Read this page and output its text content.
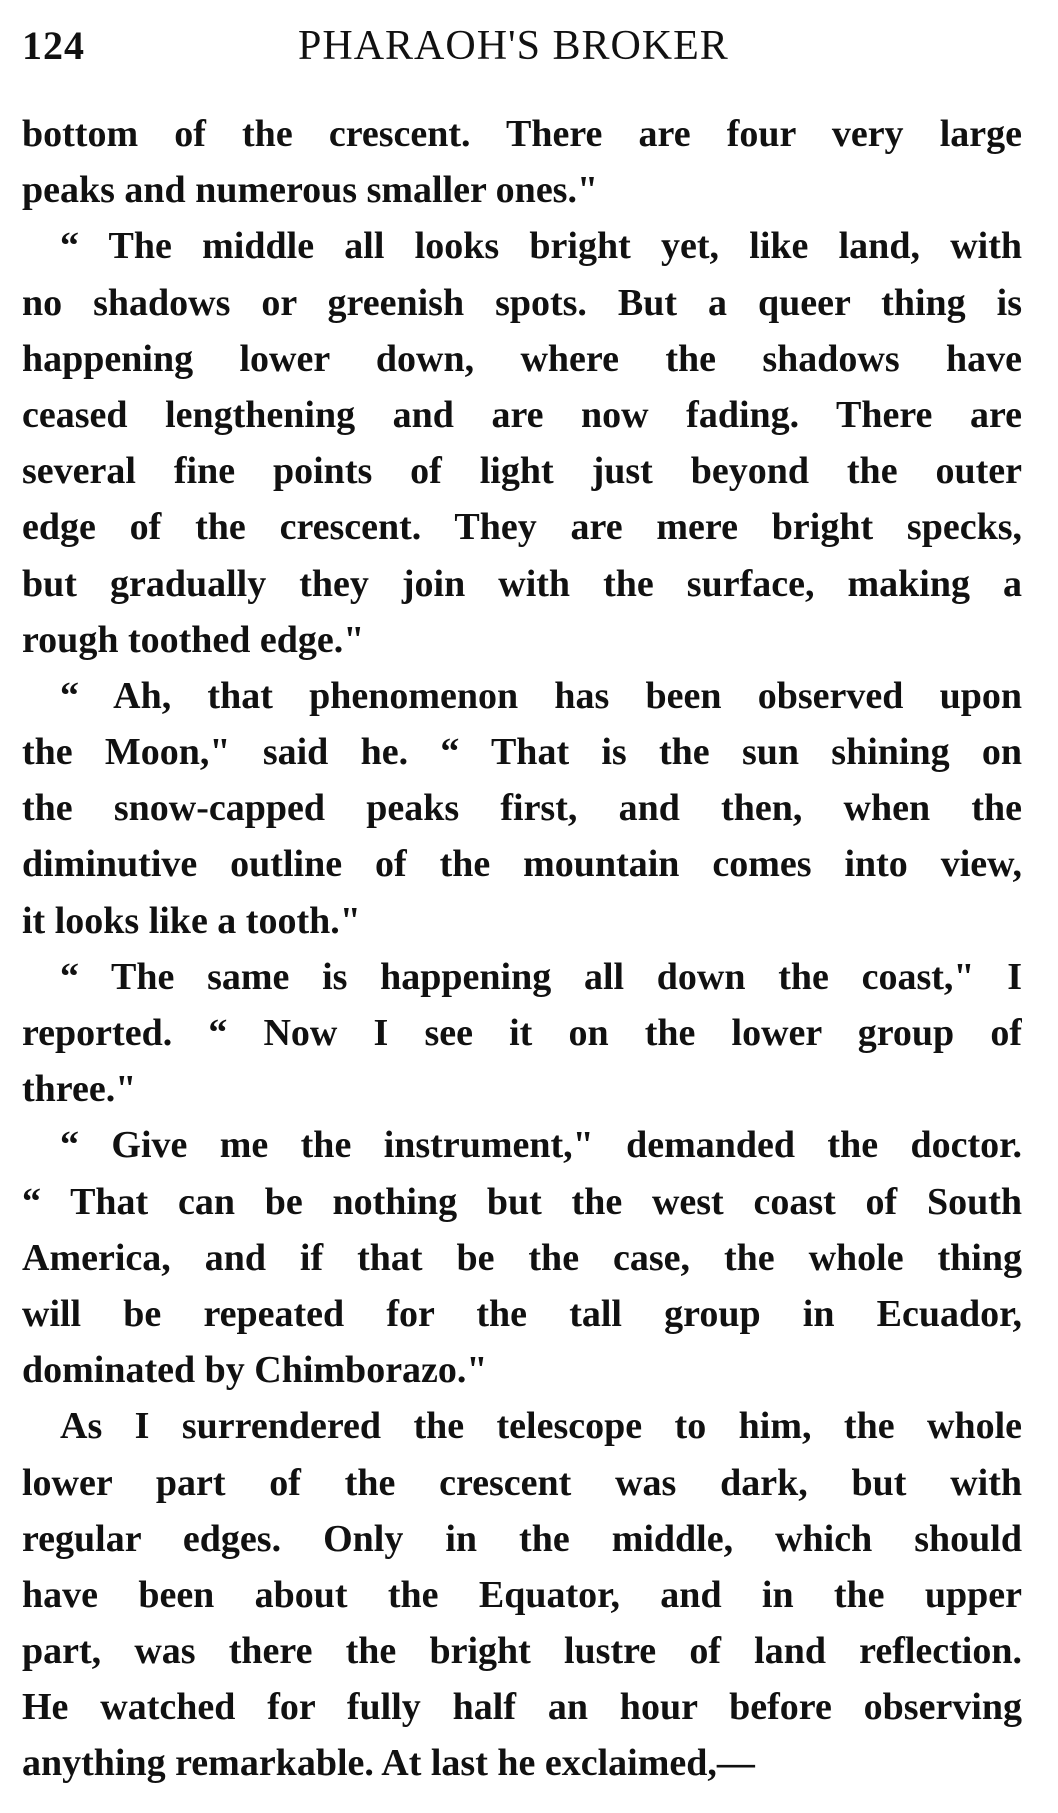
124	PHARAOH'S BROKER
bottom of the crescent. There are four very large
peaks and numerous smaller ones."
“ The middle all looks bright yet, like land, with
no shadows or greenish spots. But a queer thing is
happening lower down, where the shadows have
ceased lengthening and are now fading. There are
several fine points of light just beyond the outer
edge of the crescent. They are mere bright specks,
but gradually they join with the surface, making a
rough toothed edge."
“ Ah, that phenomenon has been observed upon
the Moon," said he. “ That is the sun shining on
the snow-capped peaks first, and then, when the
diminutive outline of the mountain comes into view,
it looks like a tooth."
“ The same is happening all down the coast," I
reported. “ Now I see it on the lower group of
three."
“ Give me the instrument," demanded the doctor.
“ That can be nothing but the west coast of South
America, and if that be the case, the whole thing
will be repeated for the tall group in Ecuador,
dominated by Chimborazo."
As I surrendered the telescope to him, the whole
lower part of the crescent was dark, but with
regular edges. Only in the middle, which should
have been about the Equator, and in the upper
part, was there the bright lustre of land reflection.
He watched for fully half an hour before observing
anything remarkable. At last he exclaimed,—
